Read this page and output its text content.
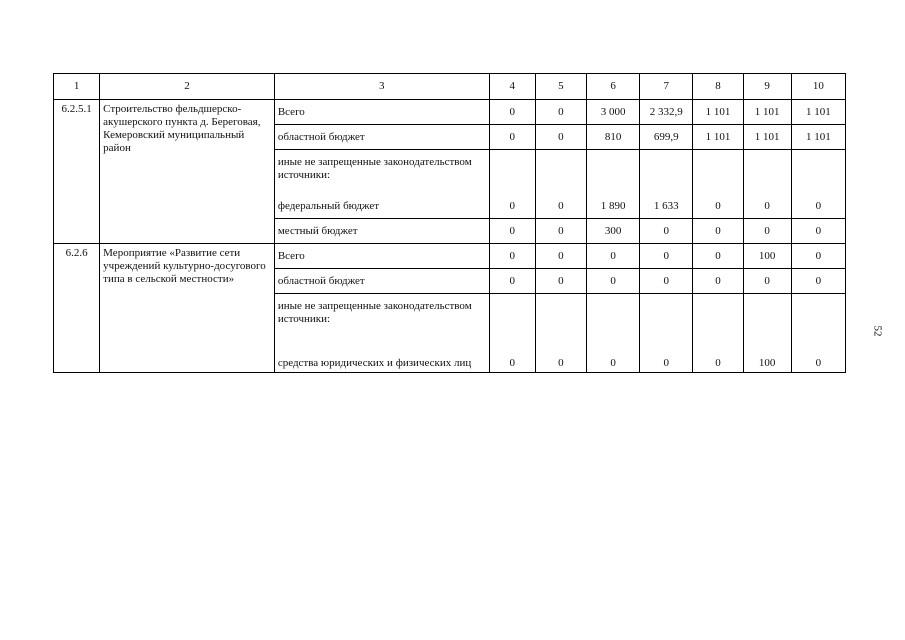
1	2	3	4	5	6	7	8	9	10

6.2.5.1	Строительство фельдшерско-акушерского пункта д. Береговая, Кемеровский муниципальный район	Всего	0	0	3 000	2 332,9	1 101	1 101	1 101
		областной бюджет	0	0	810	699,9	1 101	1 101	1 101

		иные не запрещенные законодательством источники:							

		федеральный бюджет	0	0	1 890	1 633	0	0	0
		местный бюджет	0	0	300	0	0	0	0

6.2.6	Мероприятие «Развитие сети учреждений культурно-досугового типа в сельской местности»	Всего	0	0	0	0	0	100	0
		областной бюджет	0	0	0	0	0	0	0

		иные не запрещенные законодательством источники:							

		средства юридических и физических лиц	0	0	0	0	0	100	0
52
